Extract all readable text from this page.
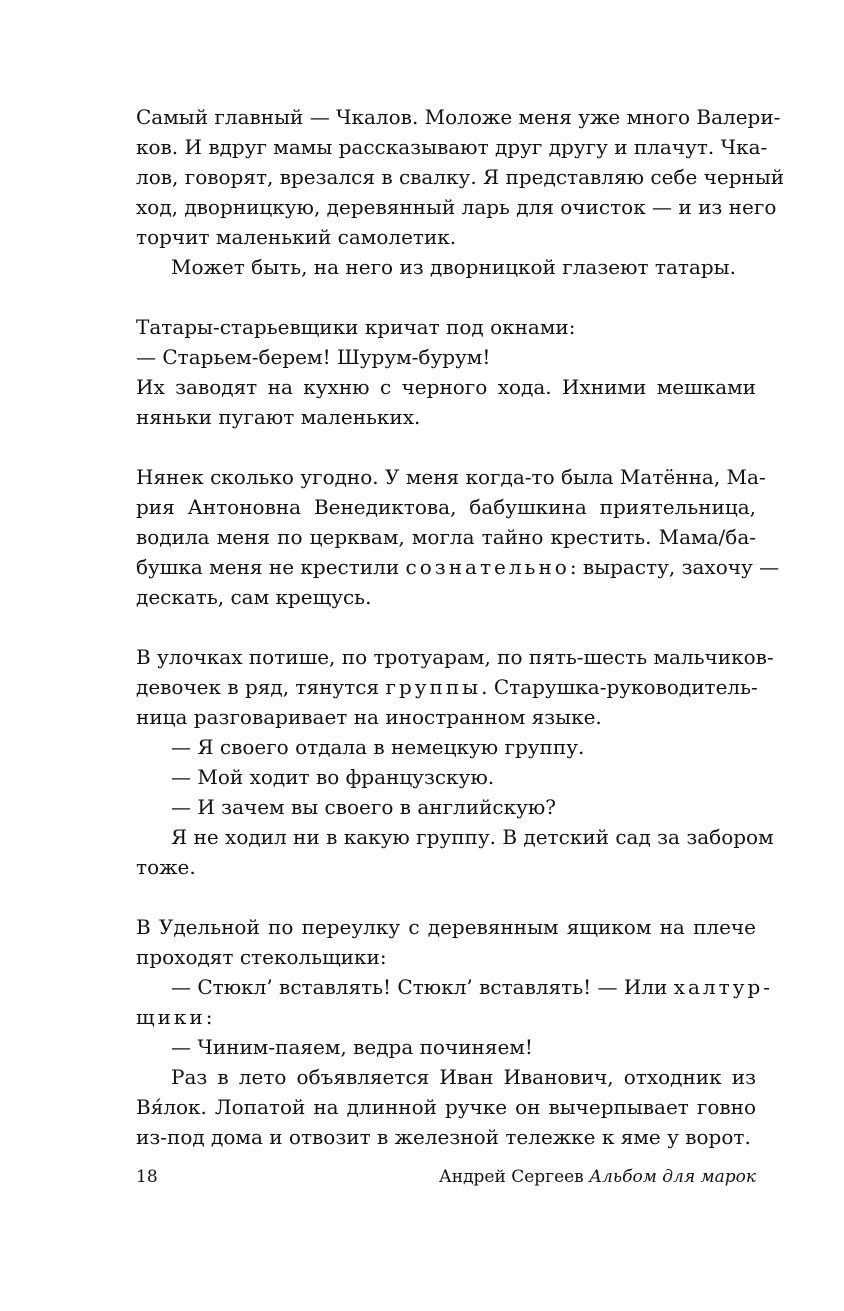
Самый главный — Чкалов. Моложе меня уже много Валери-
ков. И вдруг мамы рассказывают друг другу и плачут. Чка-
лов, говорят, врезался в свалку. Я представляю себе черный
ход, дворницкую, деревянный ларь для очисток — и из него
торчит маленький самолетик.
Может быть, на него из дворницкой глазеют татары.
Татары-старьевщики кричат под окнами:
— Старьем-берем! Шурум-бурум!
Их заводят на кухню с черного хода. Ихними мешками
няньки пугают маленьких.
Нянек сколько угодно. У меня когда-то была Матённа, Ма-
рия Антоновна Венедиктова, бабушкина приятельница,
водила меня по церквам, могла тайно крестить. Мама/ба-
бушка меня не крестили сознательно: вырасту, захочу —
дескать, сам крещусь.
В улочках потише, по тротуарам, по пять-шесть мальчиков-
девочек в ряд, тянутся группы. Старушка-руководитель-
ница разговаривает на иностранном языке.
— Я своего отдала в немецкую группу.
— Мой ходит во французскую.
— И зачем вы своего в английскую?
Я не ходил ни в какую группу. В детский сад за забором
тоже.
В Удельной по переулку с деревянным ящиком на плече
проходят стекольщики:
— Стюкл’ вставлять! Стюкл’ вставлять! — Или халтур-
щики:
— Чиним-паяем, ведра починяем!
Раз в лето объявляется Иван Иванович, отходник из
Вя́лок. Лопатой на длинной ручке он вычерпывает говно
из-под дома и отвозит в железной тележке к яме у ворот.
18	Андрей Сергеев Альбом для марок
